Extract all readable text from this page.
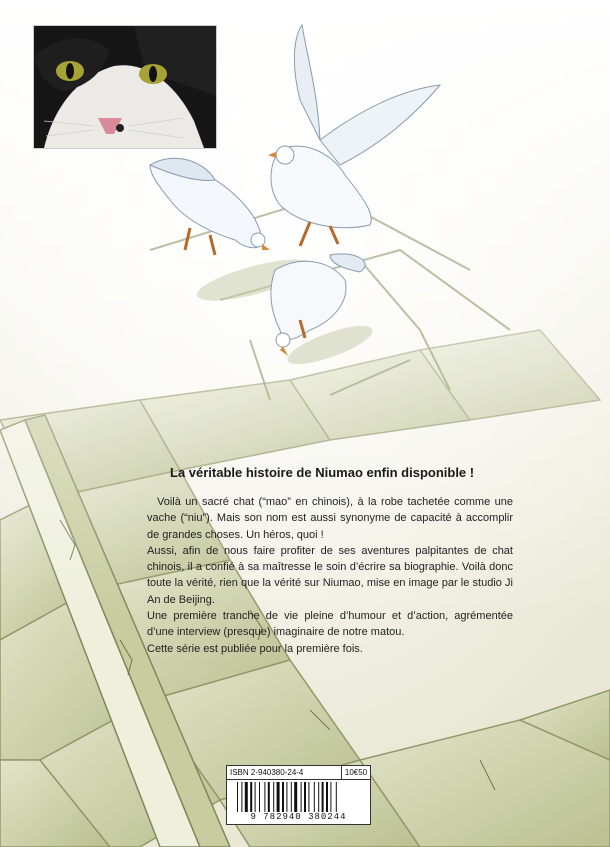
La véritable histoire de Niumao enfin disponible !

Voilà un sacré chat (“mao” en chinois), à la robe tachetée comme une vache (“niu”). Mais son nom est aussi synonyme de capacité à accomplir de grandes choses. Un héros, quoi !

Aussi, afin de nous faire profiter de ses aventures palpitantes de chat chinois, il a confié à sa maîtresse le soin d’écrire sa biographie. Voilà donc toute la vérité, rien que la vérité sur Niumao, mise en image par le studio Ji An de Beijing.

Une première tranche de vie pleine d’humour et d’action, agrémentée d’une interview (presque) imaginaire de notre matou.

Cette série est publiée pour la première fois.

ISBN 2-940380-24-4	10€50
9 782940 380244
